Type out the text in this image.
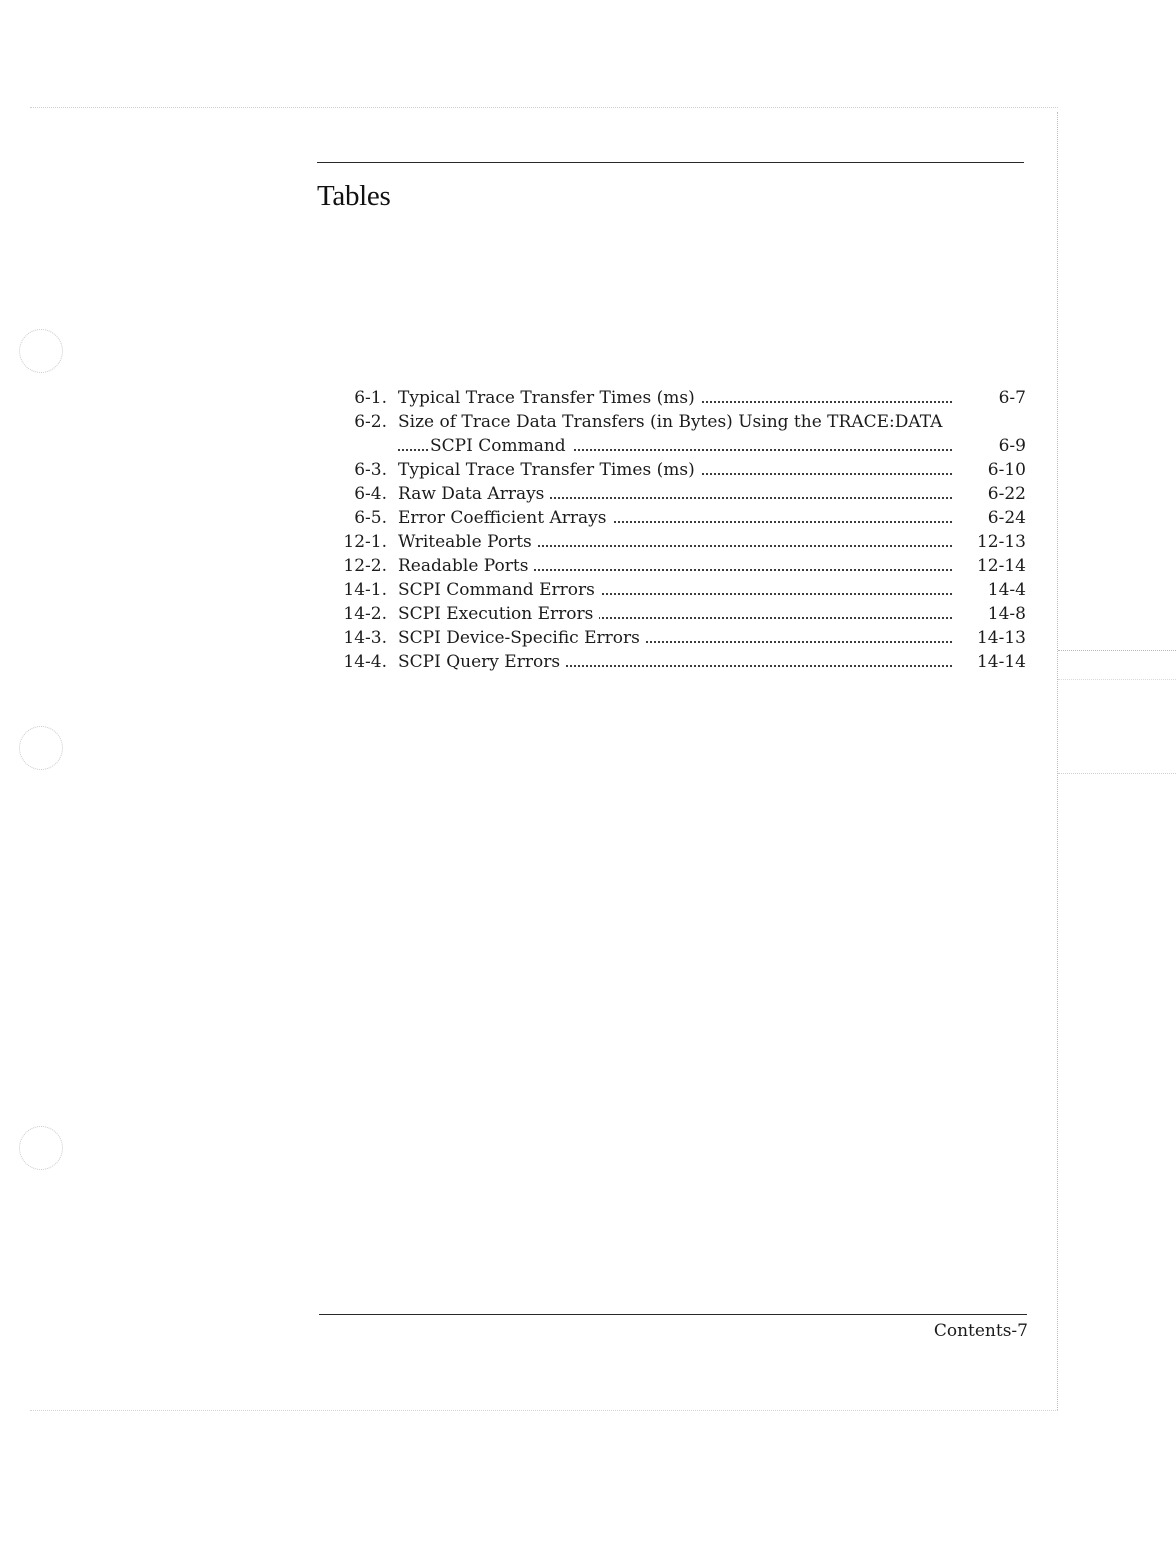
Tables
6-1. Typical Trace Transfer Times (ms)	6-7
6-2. Size of Trace Data Transfers (in Bytes) Using the TRACE:DATA
SCPI Command	6-9
6-3. Typical Trace Transfer Times (ms)	6-10
6-4. Raw Data Arrays	6-22
6-5. Error Coefficient Arrays	6-24
12-1. Writeable Ports	12-13
12-2. Readable Ports	12-14
14-1. SCPI Command Errors	14-4
14-2. SCPI Execution Errors	14-8
14-3. SCPI Device-Specific Errors	14-13
14-4. SCPI Query Errors	14-14
Contents-7
